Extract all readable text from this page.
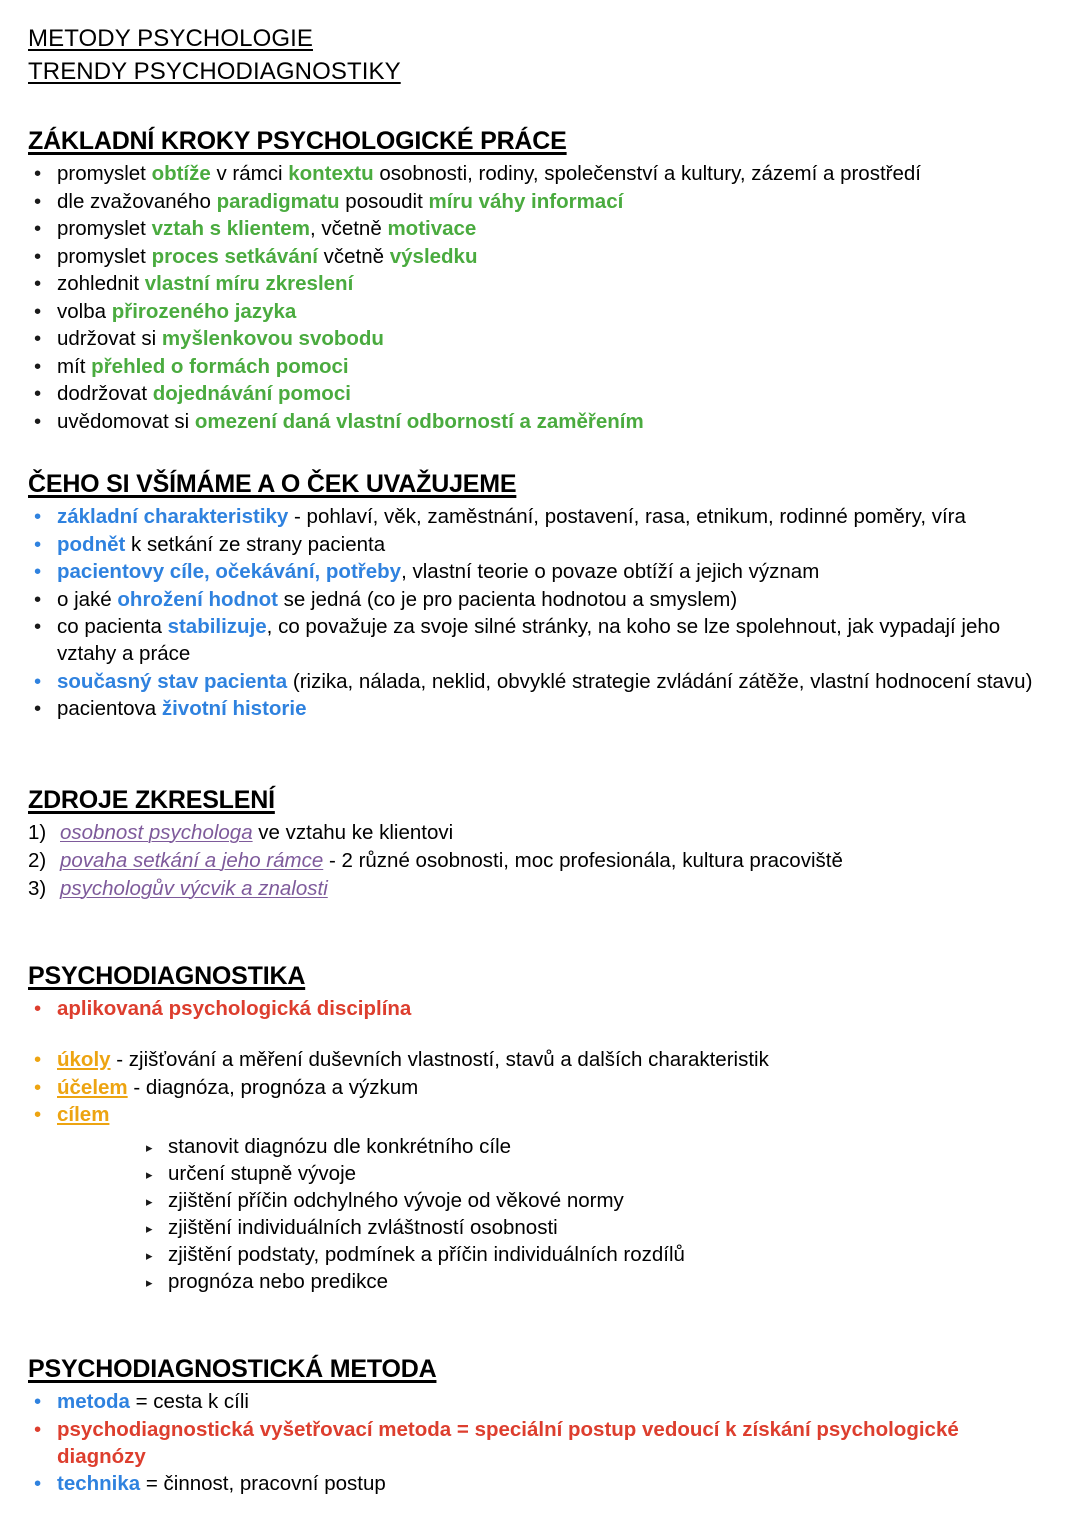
METODY PSYCHOLOGIE
TRENDY PSYCHODIAGNOSTIKY
ZÁKLADNÍ KROKY PSYCHOLOGICKÉ PRÁCE
• promyslet obtíže v rámci kontextu osobnosti, rodiny, společenství a kultury, zázemí a prostředí
• dle zvažovaného paradigmatu posoudit míru váhy informací
• promyslet vztah s klientem, včetně motivace
• promyslet proces setkávání včetně výsledku
• zohlednit vlastní míru zkreslení
• volba přirozeného jazyka
• udržovat si myšlenkovou svobodu
• mít přehled o formách pomoci
• dodržovat dojednávání pomoci
• uvědomovat si omezení daná vlastní odborností a zaměřením
ČEHO SI VŠÍMÁME A O ČEK UVAŽUJEME
• základní charakteristiky - pohlaví, věk, zaměstnání, postavení, rasa, etnikum, rodinné poměry, víra
• podnět k setkání ze strany pacienta
• pacientovy cíle, očekávání, potřeby, vlastní teorie o povaze obtíží a jejich význam
• o jaké ohrožení hodnot se jedná (co je pro pacienta hodnotou a smyslem)
• co pacienta stabilizuje, co považuje za svoje silné stránky, na koho se lze spolehnout, jak vypadají jeho vztahy a práce
• současný stav pacienta (rizika, nálada, neklid, obvyklé strategie zvládání zátěže, vlastní hodnocení stavu)
• pacientova životní historie
ZDROJE ZKRESLENÍ
1) osobnost psychologa ve vztahu ke klientovi
2) povaha setkání a jeho rámce - 2 různé osobnosti, moc profesionála, kultura pracoviště
3) psychologův výcvik a znalosti
PSYCHODIAGNOSTIKA
• aplikovaná psychologická disciplína
• úkoly - zjišťování a měření duševních vlastností, stavů a dalších charakteristik
• účelem - diagnóza, prognóza a výzkum
• cílem
▸ stanovit diagnózu dle konkrétního cíle
▸ určení stupně vývoje
▸ zjištění příčin odchylného vývoje od věkové normy
▸ zjištění individuálních zvláštností osobnosti
▸ zjištění podstaty, podmínek a příčin individuálních rozdílů
▸ prognóza nebo predikce
PSYCHODIAGNOSTICKÁ METODA
• metoda = cesta k cíli
• psychodiagnostická vyšetřovací metoda = speciální postup vedoucí k získání psychologické diagnózy
• technika = činnost, pracovní postup
